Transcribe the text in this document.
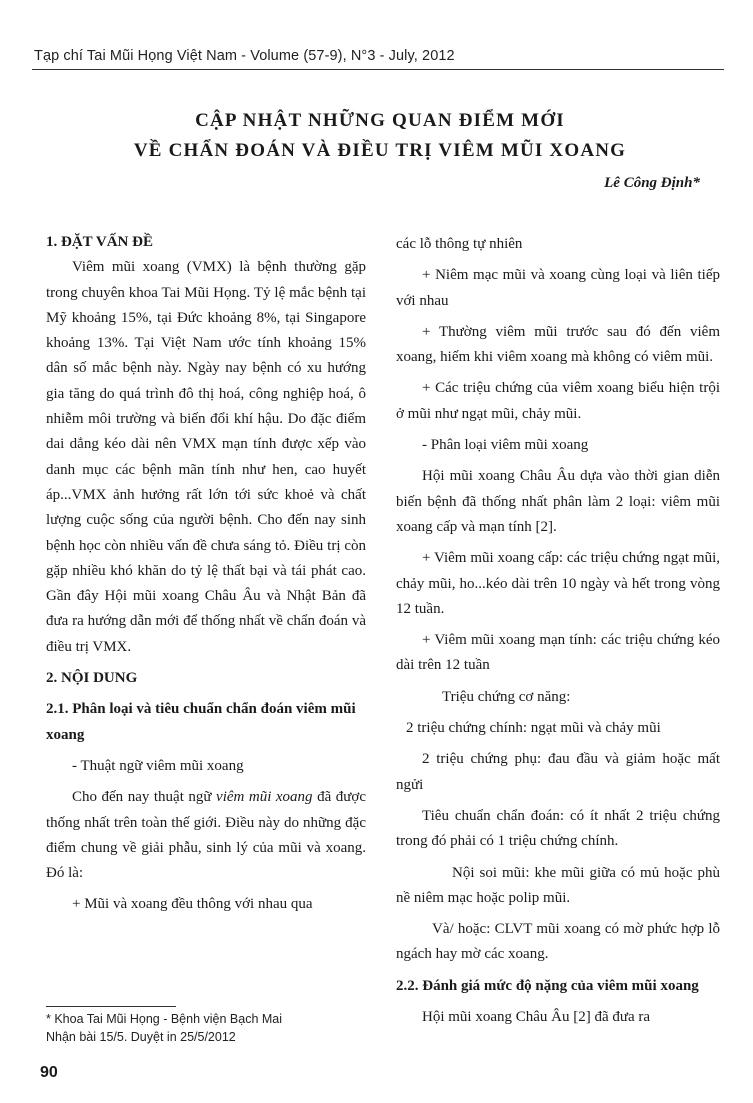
Tạp chí Tai Mũi Họng Việt Nam - Volume (57-9), N°3 - July, 2012
CẬP NHẬT NHỮNG QUAN ĐIỂM MỚI
VỀ CHẨN ĐOÁN VÀ ĐIỀU TRỊ VIÊM MŨI XOANG
Lê Công Định*

1. ĐẶT VẤN ĐỀ

Viêm mũi xoang (VMX) là bệnh thường gặp trong chuyên khoa Tai Mũi Họng. Tỷ lệ mắc bệnh tại Mỹ khoảng 15%, tại Đức khoảng 8%, tại Singapore khoảng 13%. Tại Việt Nam ước tính khoảng 15% dân số mắc bệnh này. Ngày nay bệnh có xu hướng gia tăng do quá trình đô thị hoá, công nghiệp hoá, ô nhiễm môi trường và biến đổi khí hậu. Do đặc điểm dai dẳng kéo dài nên VMX mạn tính được xếp vào danh mục các bệnh mãn tính như hen, cao huyết áp...VMX ảnh hưởng rất lớn tới sức khoẻ và chất lượng cuộc sống của người bệnh. Cho đến nay sinh bệnh học còn nhiều vấn đề chưa sáng tỏ. Điều trị còn gặp nhiều khó khăn do tỷ lệ thất bại và tái phát cao. Gần đây Hội mũi xoang Châu Âu và Nhật Bản đã đưa ra hướng dẫn mới để thống nhất về chẩn đoán và điều trị VMX.

2. NỘI DUNG

2.1. Phân loại và tiêu chuẩn chẩn đoán viêm mũi xoang

- Thuật ngữ viêm mũi xoang

Cho đến nay thuật ngữ viêm mũi xoang đã được thống nhất trên toàn thế giới. Điều này do những đặc điểm chung về giải phẫu, sinh lý của mũi và xoang. Đó là:

+ Mũi và xoang đều thông với nhau qua

các lỗ thông tự nhiên

+ Niêm mạc mũi và xoang cùng loại và liên tiếp với nhau

+ Thường viêm mũi trước sau đó đến viêm xoang, hiếm khi viêm xoang mà không có viêm mũi.

+ Các triệu chứng của viêm xoang biểu hiện trội ở mũi như ngạt mũi, chảy mũi.

- Phân loại viêm mũi xoang

Hội mũi xoang Châu Âu dựa vào thời gian diễn biến bệnh đã thống nhất phân làm 2 loại: viêm mũi xoang cấp và mạn tính [2].

+ Viêm mũi xoang cấp: các triệu chứng ngạt mũi, chảy mũi, ho...kéo dài trên 10 ngày và hết trong vòng 12 tuần.

+ Viêm mũi xoang mạn tính: các triệu chứng kéo dài trên 12 tuần

Triệu chứng cơ năng:

2 triệu chứng chính: ngạt mũi và chảy mũi

2 triệu chứng phụ: đau đầu và giảm hoặc mất ngửi

Tiêu chuẩn chẩn đoán: có ít nhất 2 triệu chứng trong đó phải có 1 triệu chứng chính.

Nội soi mũi: khe mũi giữa có mủ hoặc phù nề niêm mạc hoặc polip mũi.

Và/ hoặc: CLVT mũi xoang có mờ phức hợp lỗ ngách hay mờ các xoang.

2.2. Đánh giá mức độ nặng của viêm mũi xoang

Hội mũi xoang Châu Âu [2] đã đưa ra

* Khoa Tai Mũi Họng - Bệnh viện Bạch Mai
Nhận bài 15/5. Duyệt in 25/5/2012
90
